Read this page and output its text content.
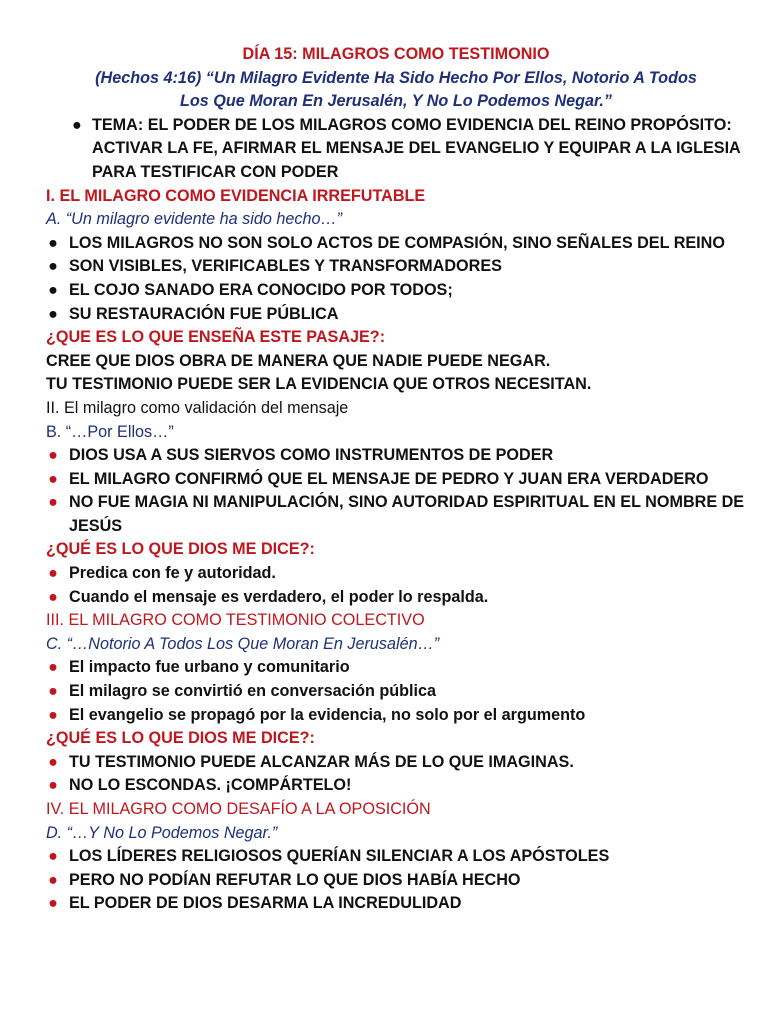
DÍA 15: MILAGROS COMO TESTIMONIO
(Hechos 4:16) “Un Milagro Evidente Ha Sido Hecho Por Ellos, Notorio A Todos
Los Que Moran En Jerusalén, Y No Lo Podemos Negar.”
● TEMA: EL PODER DE LOS MILAGROS COMO EVIDENCIA DEL REINO PROPÓSITO: ACTIVAR LA FE, AFIRMAR EL MENSAJE DEL EVANGELIO Y EQUIPAR A LA IGLESIA PARA TESTIFICAR CON PODER
I. EL MILAGRO COMO EVIDENCIA IRREFUTABLE
A. “Un milagro evidente ha sido hecho…”
● LOS MILAGROS NO SON SOLO ACTOS DE COMPASIÓN, SINO SEÑALES DEL REINO
● SON VISIBLES, VERIFICABLES Y TRANSFORMADORES
● EL COJO SANADO ERA CONOCIDO POR TODOS;
● SU RESTAURACIÓN FUE PÚBLICA
¿QUE ES LO QUE ENSEÑA ESTE PASAJE?:
CREE QUE DIOS OBRA DE MANERA QUE NADIE PUEDE NEGAR.
TU TESTIMONIO PUEDE SER LA EVIDENCIA QUE OTROS NECESITAN.
II. El milagro como validación del mensaje
B. “…Por Ellos…”
● DIOS USA A SUS SIERVOS COMO INSTRUMENTOS DE PODER
● EL MILAGRO CONFIRMÓ QUE EL MENSAJE DE PEDRO Y JUAN ERA VERDADERO
● NO FUE MAGIA NI MANIPULACIÓN, SINO AUTORIDAD ESPIRITUAL EN EL NOMBRE DE JESÚS
¿QUÉ ES LO QUE DIOS ME DICE?:
● Predica con fe y autoridad.
● Cuando el mensaje es verdadero, el poder lo respalda.
III. EL MILAGRO COMO TESTIMONIO COLECTIVO
C. “…Notorio A Todos Los Que Moran En Jerusalén…”
● El impacto fue urbano y comunitario
● El milagro se convirtió en conversación pública
● El evangelio se propagó por la evidencia, no solo por el argumento
¿QUÉ ES LO QUE DIOS ME DICE?:
● TU TESTIMONIO PUEDE ALCANZAR MÁS DE LO QUE IMAGINAS.
● NO LO ESCONDAS. ¡COMPÁRTELO!
IV. EL MILAGRO COMO DESAFÍO A LA OPOSICIÓN
D. “…Y No Lo Podemos Negar.”
● LOS LÍDERES RELIGIOSOS QUERÍAN SILENCIAR A LOS APÓSTOLES
● PERO NO PODÍAN REFUTAR LO QUE DIOS HABÍA HECHO
● EL PODER DE DIOS DESARMA LA INCREDULIDAD
